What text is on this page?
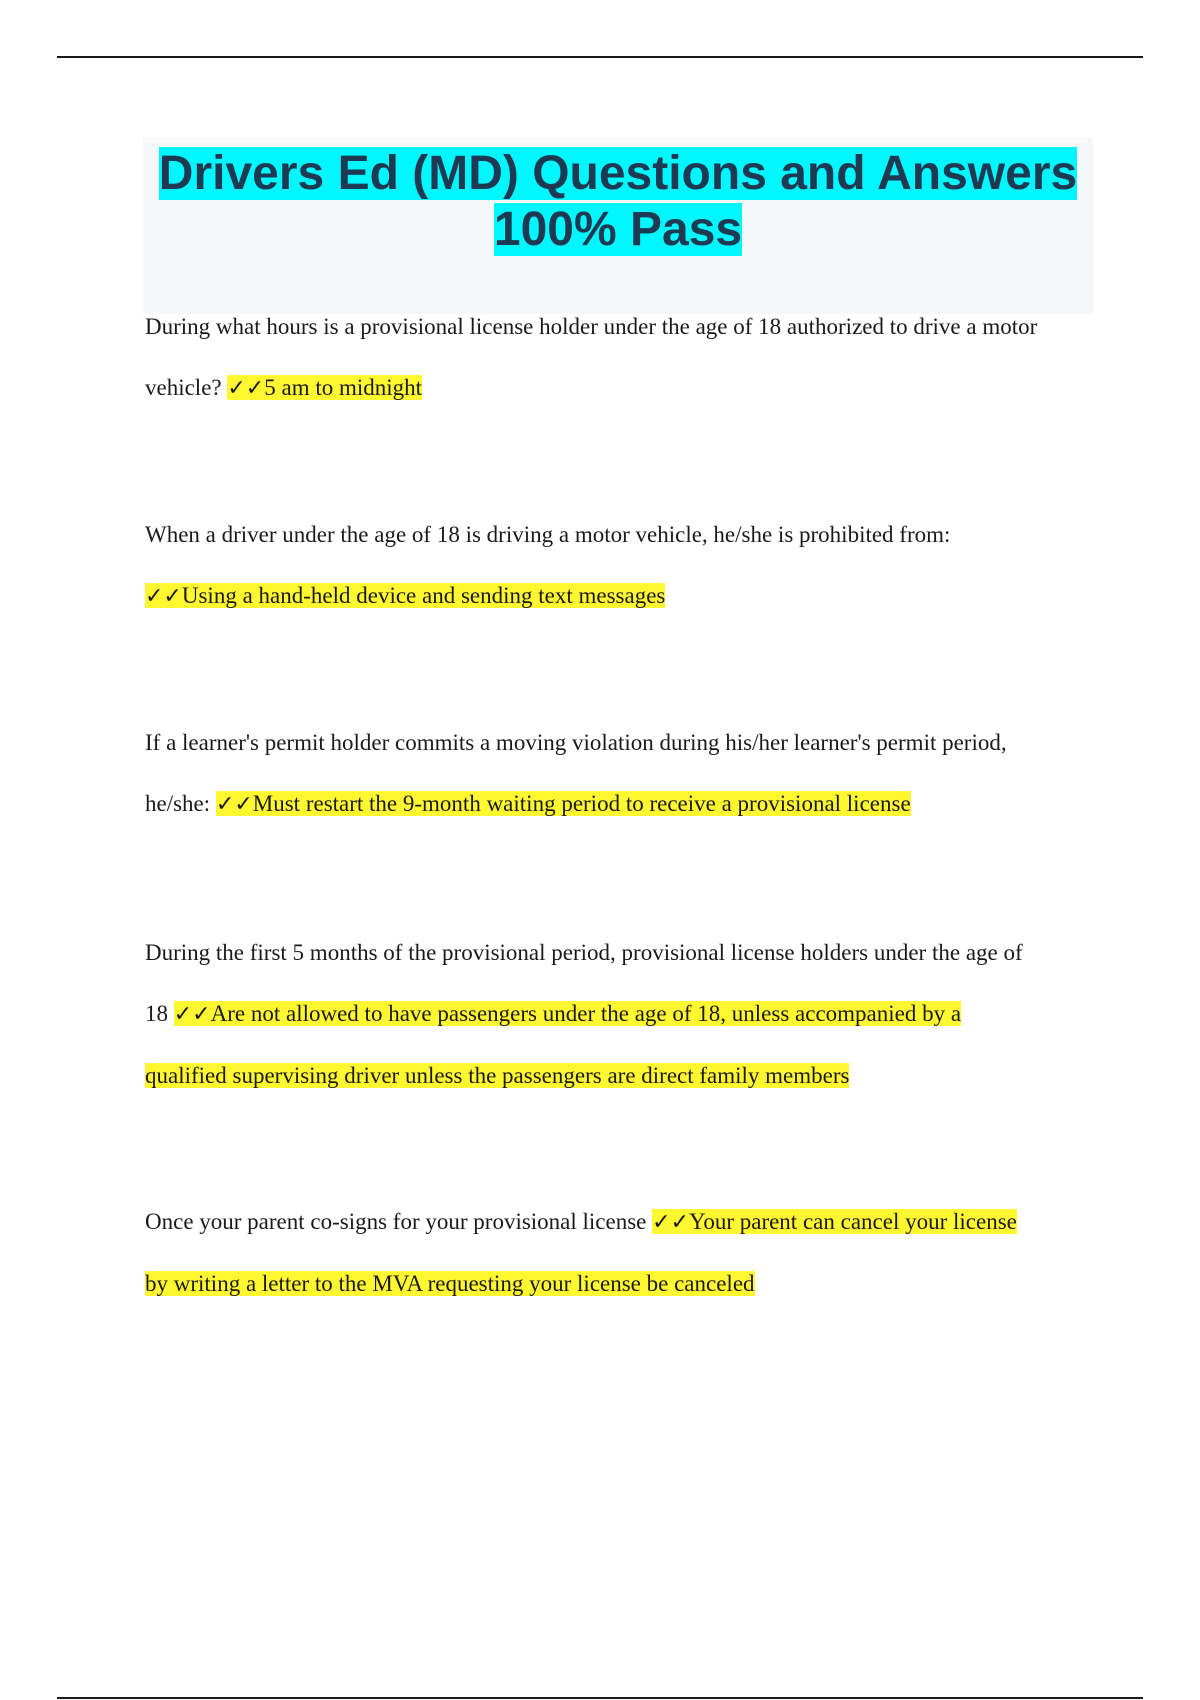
Drivers Ed (MD) Questions and Answers
100% Pass
During what hours is a provisional license holder under the age of 18 authorized to drive a motor
vehicle? ✓✓5 am to midnight
When a driver under the age of 18 is driving a motor vehicle, he/she is prohibited from:
✓✓Using a hand-held device and sending text messages
If a learner's permit holder commits a moving violation during his/her learner's permit period,
he/she: ✓✓Must restart the 9-month waiting period to receive a provisional license
During the first 5 months of the provisional period, provisional license holders under the age of
18 ✓✓Are not allowed to have passengers under the age of 18, unless accompanied by a
qualified supervising driver unless the passengers are direct family members
Once your parent co-signs for your provisional license ✓✓Your parent can cancel your license
by writing a letter to the MVA requesting your license be canceled
